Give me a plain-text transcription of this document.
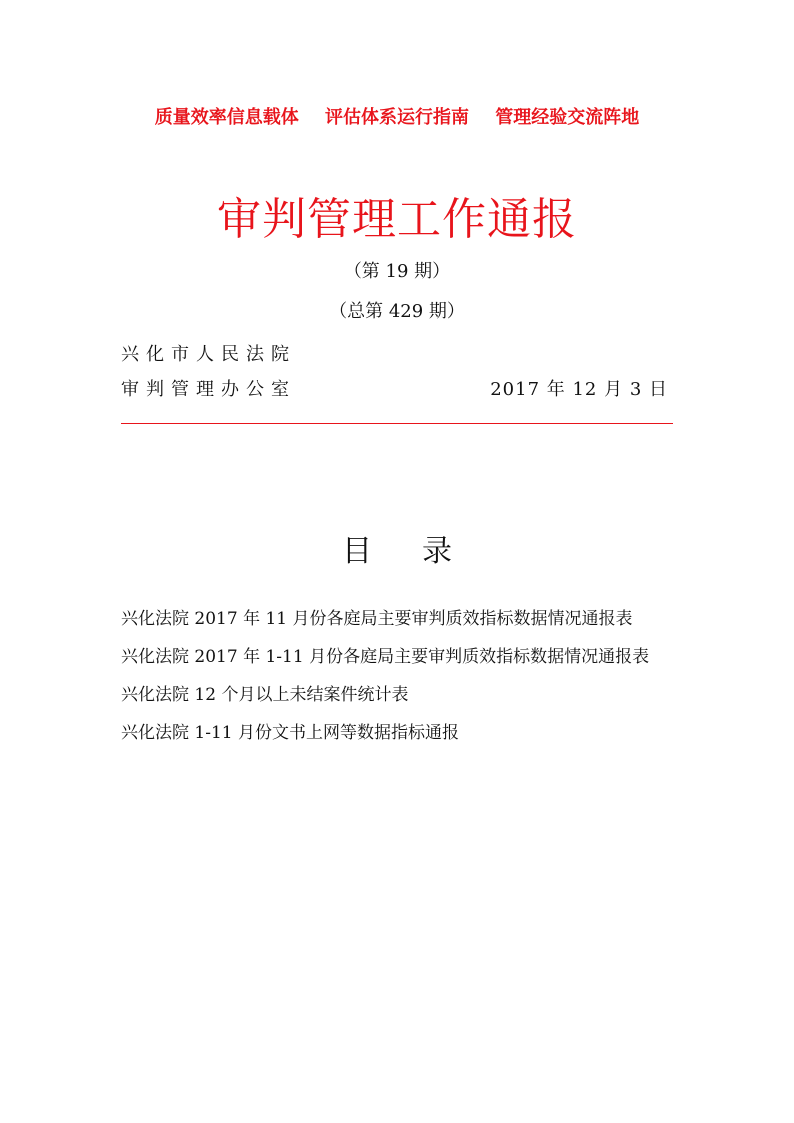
质量效率信息载体 评估体系运行指南 管理经验交流阵地
审判管理工作通报
（第 19 期）
（总第 429 期）
兴化市人民法院
审判管理办公室	2017 年 12 月 3 日
目录
兴化法院 2017 年 11 月份各庭局主要审判质效指标数据情况通报表
兴化法院 2017 年 1-11 月份各庭局主要审判质效指标数据情况通报表
兴化法院 12 个月以上未结案件统计表
兴化法院 1-11 月份文书上网等数据指标通报
